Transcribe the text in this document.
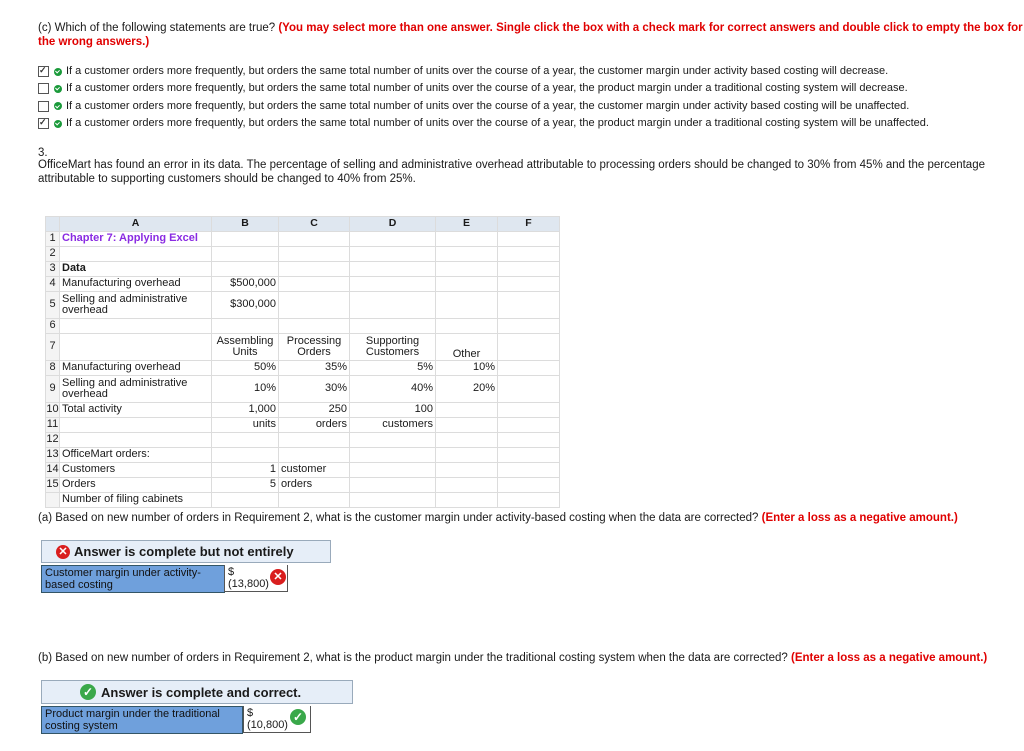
(c) Which of the following statements are true? (You may select more than one answer. Single click the box with a check mark for correct answers and double click to empty the box for the wrong answers.)
✓
If a customer orders more frequently, but orders the same total number of units over the course of a year, the customer margin under activity based costing will decrease.
If a customer orders more frequently, but orders the same total number of units over the course of a year, the product margin under a traditional costing system will decrease.
If a customer orders more frequently, but orders the same total number of units over the course of a year, the customer margin under activity based costing will be unaffected.
✓
If a customer orders more frequently, but orders the same total number of units over the course of a year, the product margin under a traditional costing system will be unaffected.
3.
OfficeMart has found an error in its data. The percentage of selling and administrative overhead attributable to processing orders should be changed to 30% from 45% and the percentage attributable to supporting customers should be changed to 40% from 25%.
	A	B	C	D	E	F
1	Chapter 7: Applying Excel					
2						
3	Data					
4	Manufacturing overhead	$500,000				
5	Selling and administrative overhead	$300,000				
6						
7		Assembling Units	Processing Orders	Supporting Customers	Other	
8	Manufacturing overhead	50%	35%	5%	10%	
9	Selling and administrative overhead	10%	30%	40%	20%	
10	Total activity	1,000	250	100		
11		units	orders	customers		
12						
13	OfficeMart orders:					
14	Customers	1	customer			
15	Orders	5	orders			
	Number of filing cabinets					
(a) Based on new number of orders in Requirement 2, what is the customer margin under activity-based costing when the data are corrected? (Enter a loss as a negative amount.)
✕ Answer is complete but not entirely
Customer margin under activity-based costing
$
(13,800)
✕
(b) Based on new number of orders in Requirement 2, what is the product margin under the traditional costing system when the data are corrected? (Enter a loss as a negative amount.)
✓ Answer is complete and correct.
Product margin under the traditional costing system
$
(10,800)
✓
